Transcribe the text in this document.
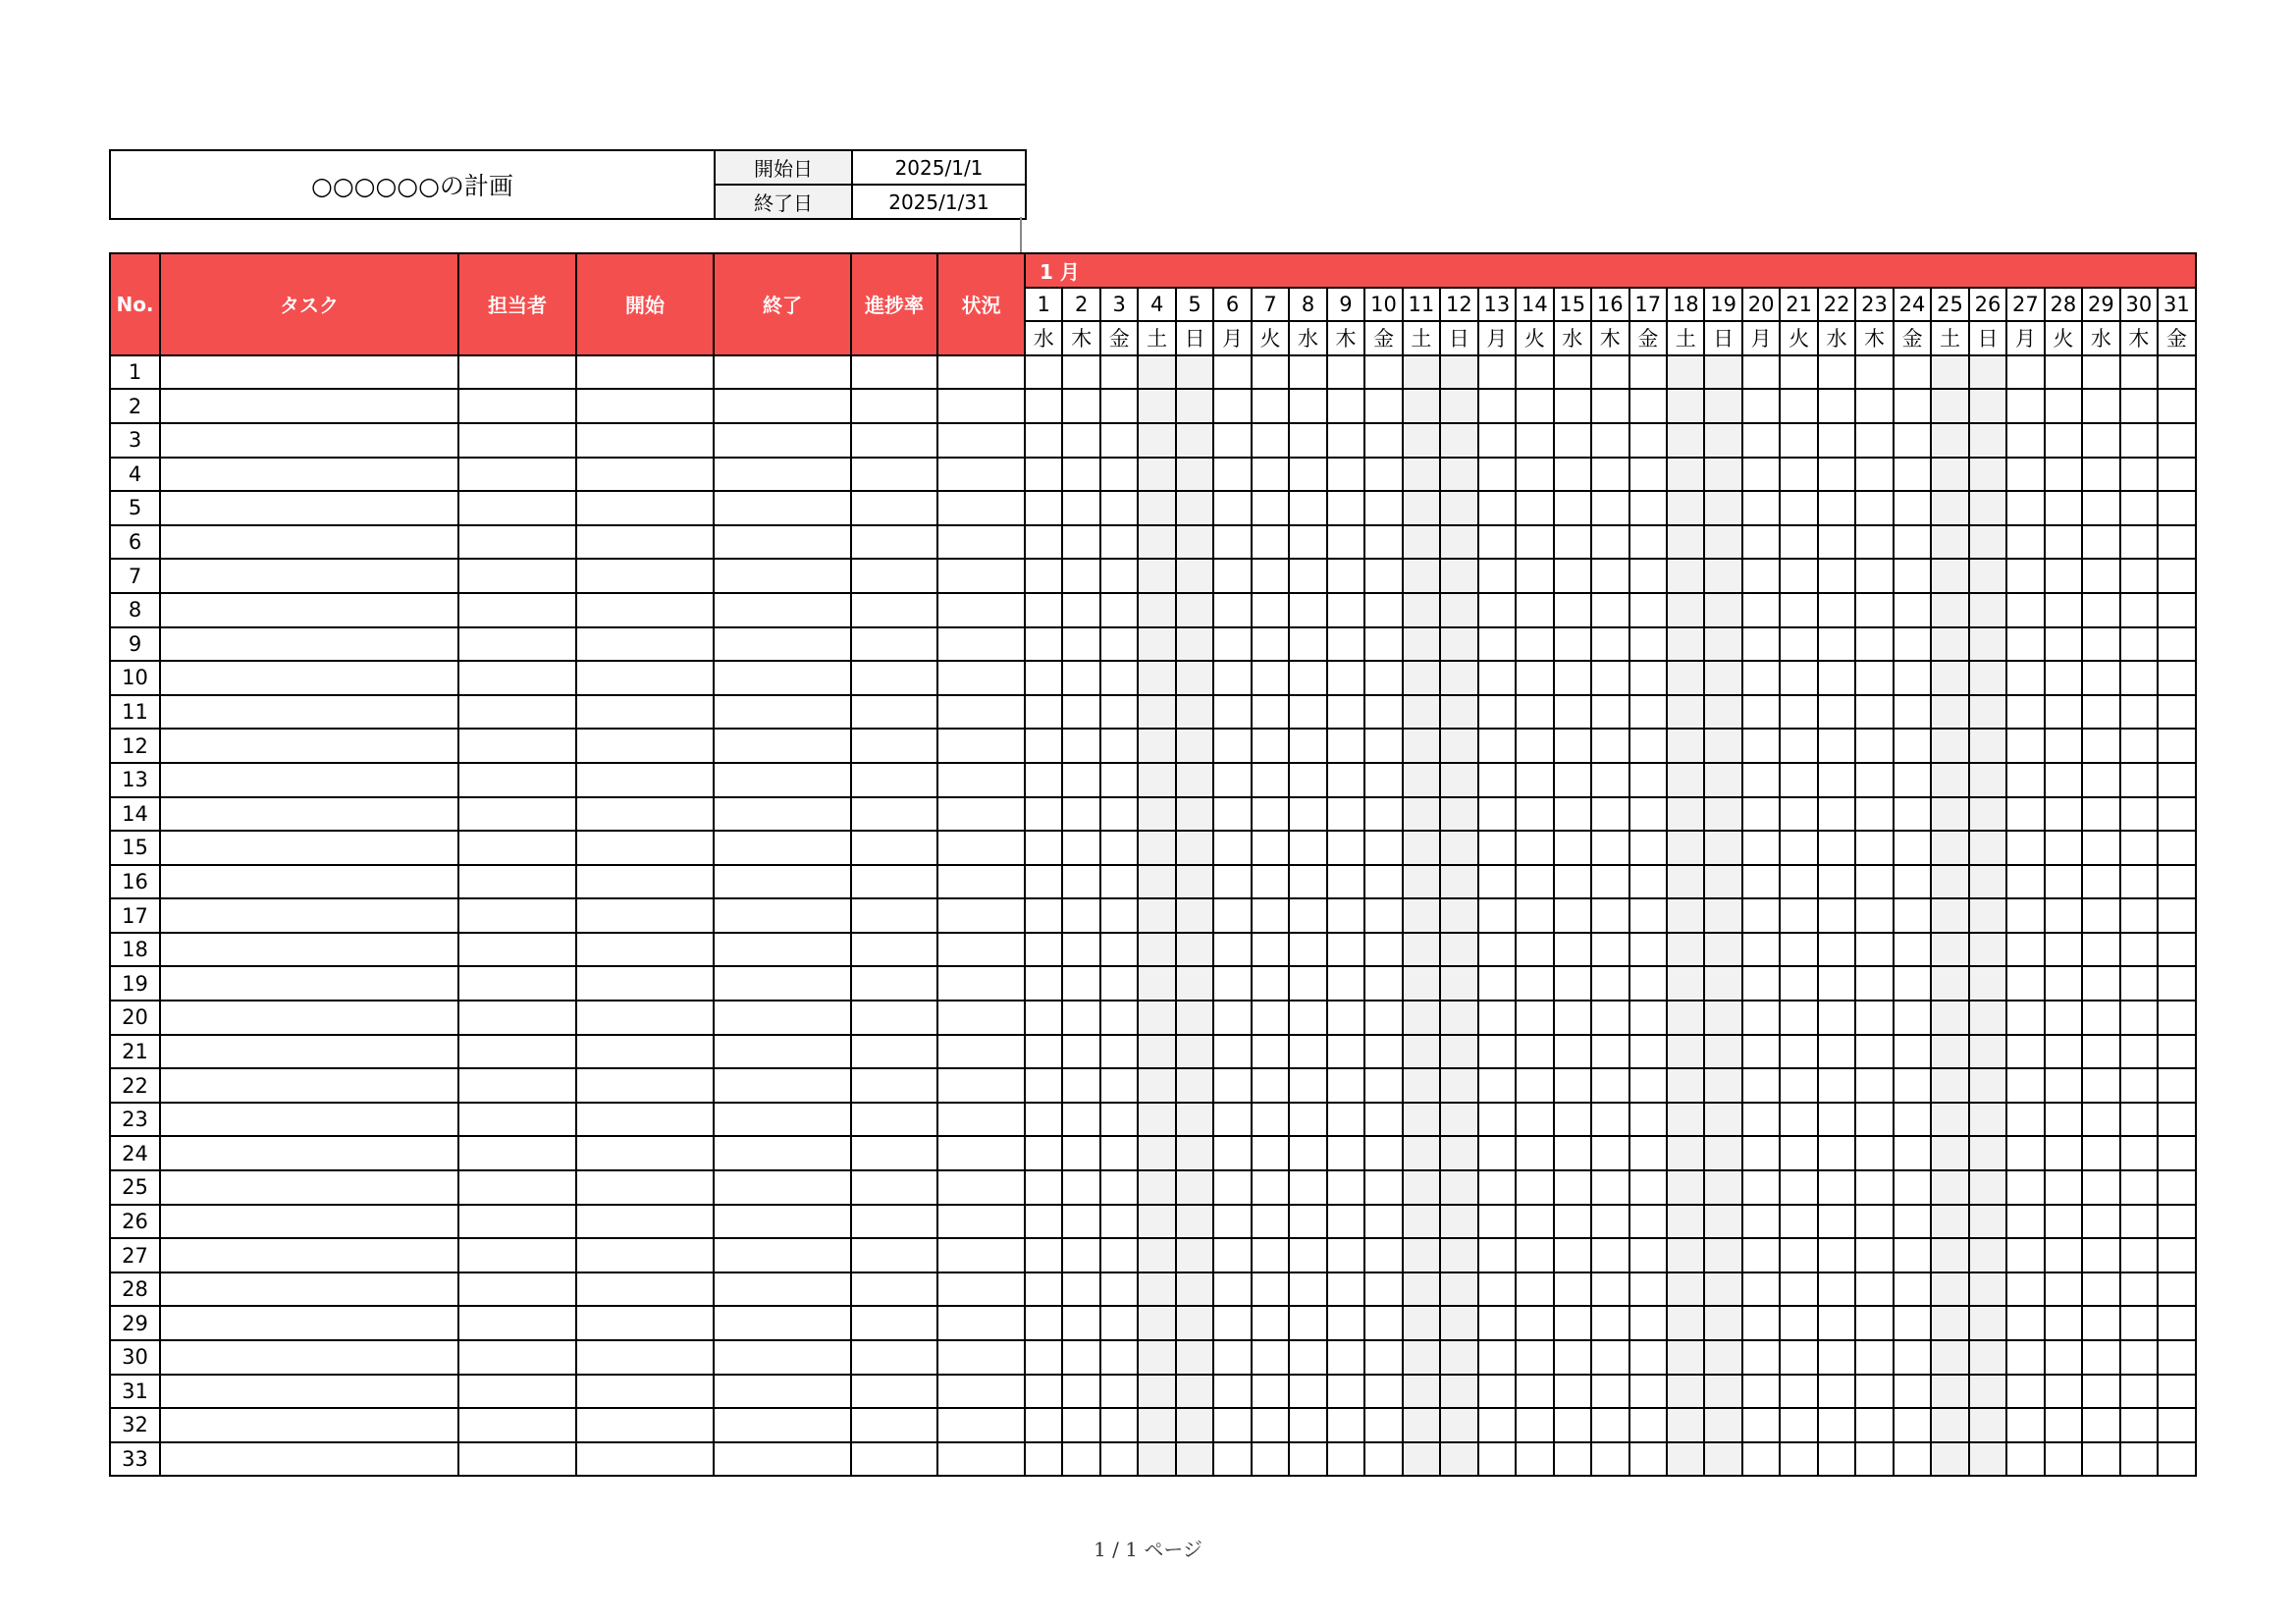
○○○○○○の計画	開始日	2025/1/1
	終了日	2025/1/31
No.	タスク	担当者	開始	終了	進捗率	状況	1 月																														
							1	2	3	4	5	6	7	8	9	10	11	12	13	14	15	16	17	18	19	20	21	22	23	24	25	26	27	28	29	30	31
							水	木	金	土	日	月	火	水	木	金	土	日	月	火	水	木	金	土	日	月	火	水	木	金	土	日	月	火	水	木	金
1																																					
2																																					
3																																					
4																																					
5																																					
6																																					
7																																					
8																																					
9																																					
10																																					
11																																					
12																																					
13																																					
14																																					
15																																					
16																																					
17																																					
18																																					
19																																					
20																																					
21																																					
22																																					
23																																					
24																																					
25																																					
26																																					
27																																					
28																																					
29																																					
30																																					
31																																					
32																																					
33																																					
1 / 1 ページ
